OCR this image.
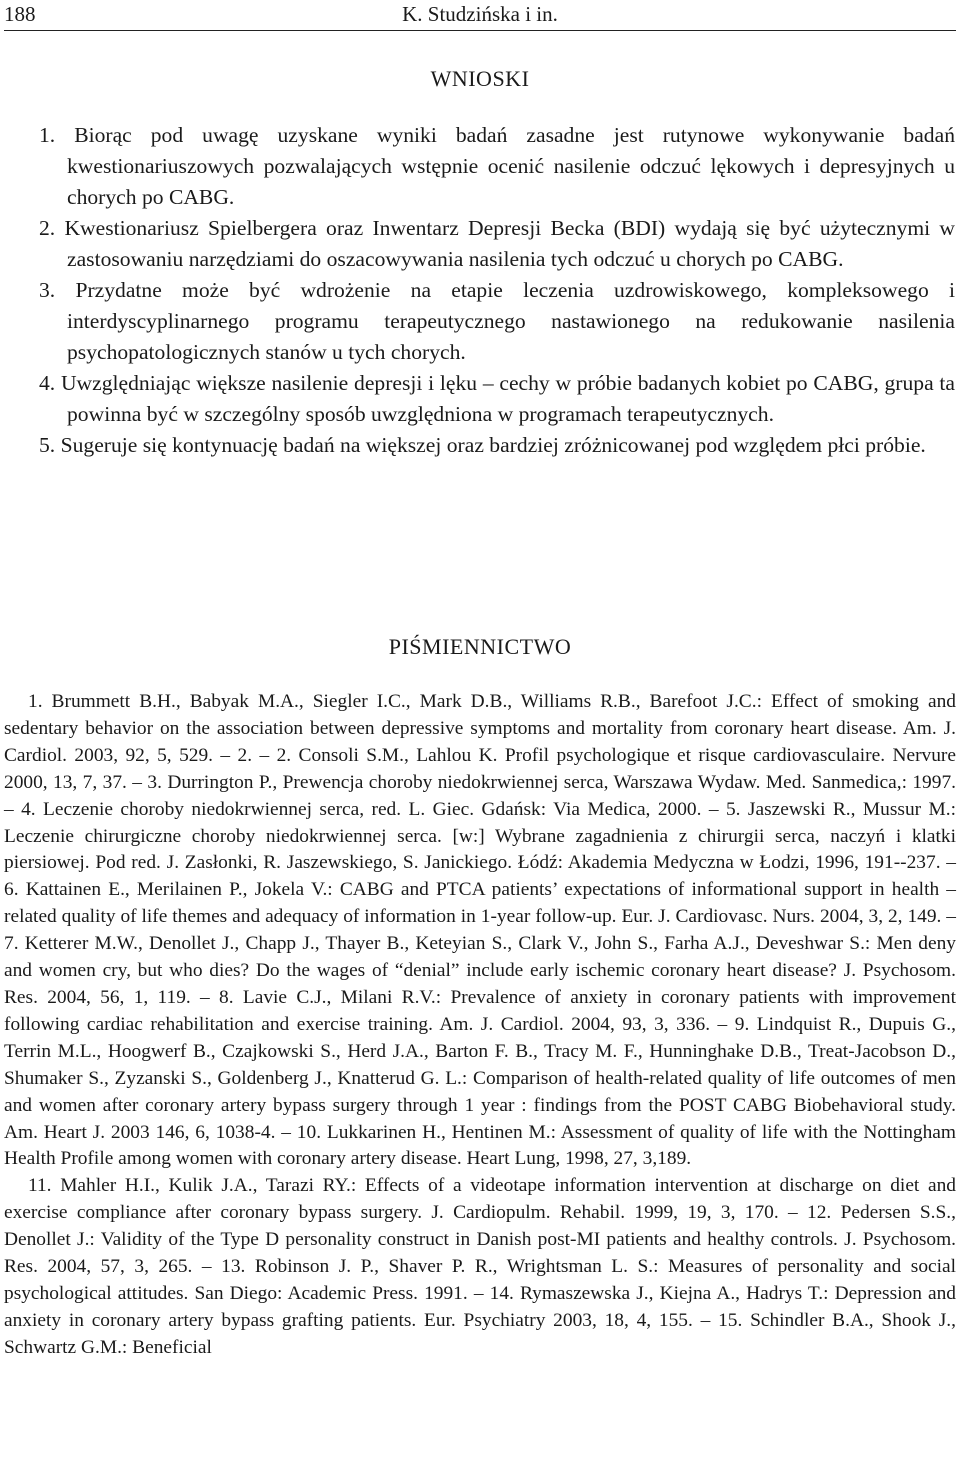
188	K. Studzińska i in.
WNIOSKI

1. Biorąc pod uwagę uzyskane wyniki badań zasadne jest rutynowe wykonywanie badań kwestionariuszowych pozwalających wstępnie ocenić nasilenie odczuć lękowych i depresyjnych u chorych po CABG.

2. Kwestionariusz Spielbergera oraz Inwentarz Depresji Becka (BDI) wydają się być użytecznymi w zastosowaniu narzędziami do oszacowywania nasilenia tych odczuć u chorych po CABG.

3. Przydatne może być wdrożenie na etapie leczenia uzdrowiskowego, kompleksowego i interdyscyplinarnego programu terapeutycznego nastawionego na redukowanie nasilenia psychopatologicznych stanów u tych chorych.

4. Uwzględniając większe nasilenie depresji i lęku – cechy w próbie badanych kobiet po CABG, grupa ta powinna być w szczególny sposób uwzględniona w programach terapeutycznych.

5. Sugeruje się kontynuację badań na większej oraz bardziej zróżnicowanej pod względem płci próbie.

PIŚMIENNICTWO

1. Brummett B.H., Babyak M.A., Siegler I.C., Mark D.B., Williams R.B., Barefoot J.C.: Effect of smoking and sedentary behavior on the association between depressive symptoms and mortality from coronary heart disease. Am. J. Cardiol. 2003, 92, 5, 529. – 2. – 2. Consoli S.M., Lahlou K. Profil psychologique et risque cardiovasculaire. Nervure 2000, 13, 7, 37. – 3. Durrington P., Prewencja choroby niedokrwiennej serca, Warszawa Wydaw. Med. Sanmedica,: 1997. – 4. Leczenie choroby niedokrwiennej serca, red. L. Giec. Gdańsk: Via Medica, 2000. – 5. Jaszewski R., Mussur M.: Leczenie chirurgiczne choroby niedokrwiennej serca. [w:] Wybrane zagadnienia z chirurgii serca, naczyń i klatki piersiowej. Pod red. J. Zasłonki, R. Jaszewskiego, S. Janickiego. Łódź: Akademia Medyczna w Łodzi, 1996, 191--237. – 6. Kattainen E., Merilainen P., Jokela V.: CABG and PTCA patients’ expectations of informational support in health – related quality of life themes and adequacy of information in 1-year follow-up. Eur. J. Cardiovasc. Nurs. 2004, 3, 2, 149. – 7. Ketterer M.W., Denollet J., Chapp J., Thayer B., Keteyian S., Clark V., John S., Farha A.J., Deveshwar S.: Men deny and women cry, but who dies? Do the wages of “denial” include early ischemic coronary heart disease? J. Psychosom. Res. 2004, 56, 1, 119. – 8. Lavie C.J., Milani R.V.: Prevalence of anxiety in coronary patients with improvement following cardiac rehabilitation and exercise training. Am. J. Cardiol. 2004, 93, 3, 336. – 9. Lindquist R., Dupuis G., Terrin M.L., Hoogwerf B., Czajkowski S., Herd J.A., Barton F. B., Tracy M. F., Hunninghake D.B., Treat-Jacobson D., Shumaker S., Zyzanski S., Goldenberg J., Knatterud G. L.: Comparison of health-related quality of life outcomes of men and women after coronary artery bypass surgery through 1 year : findings from the POST CABG Biobehavioral study. Am. Heart J. 2003 146, 6, 1038-4. – 10. Lukkarinen H., Hentinen M.: Assessment of quality of life with the Nottingham Health Profile among women with coronary artery disease. Heart Lung, 1998, 27, 3,189.

11. Mahler H.I., Kulik J.A., Tarazi RY.: Effects of a videotape information intervention at discharge on diet and exercise compliance after coronary bypass surgery. J. Cardiopulm. Rehabil. 1999, 19, 3, 170. – 12. Pedersen S.S., Denollet J.: Validity of the Type D personality construct in Danish post-MI patients and healthy controls. J. Psychosom. Res. 2004, 57, 3, 265. – 13. Robinson J. P., Shaver P. R., Wrightsman L. S.: Measures of personality and social psychological attitudes. San Diego: Academic Press. 1991. – 14. Rymaszewska J., Kiejna A., Hadrys T.: Depression and anxiety in coronary artery bypass grafting patients. Eur. Psychiatry 2003, 18, 4, 155. – 15. Schindler B.A., Shook J., Schwartz G.M.: Beneficial
